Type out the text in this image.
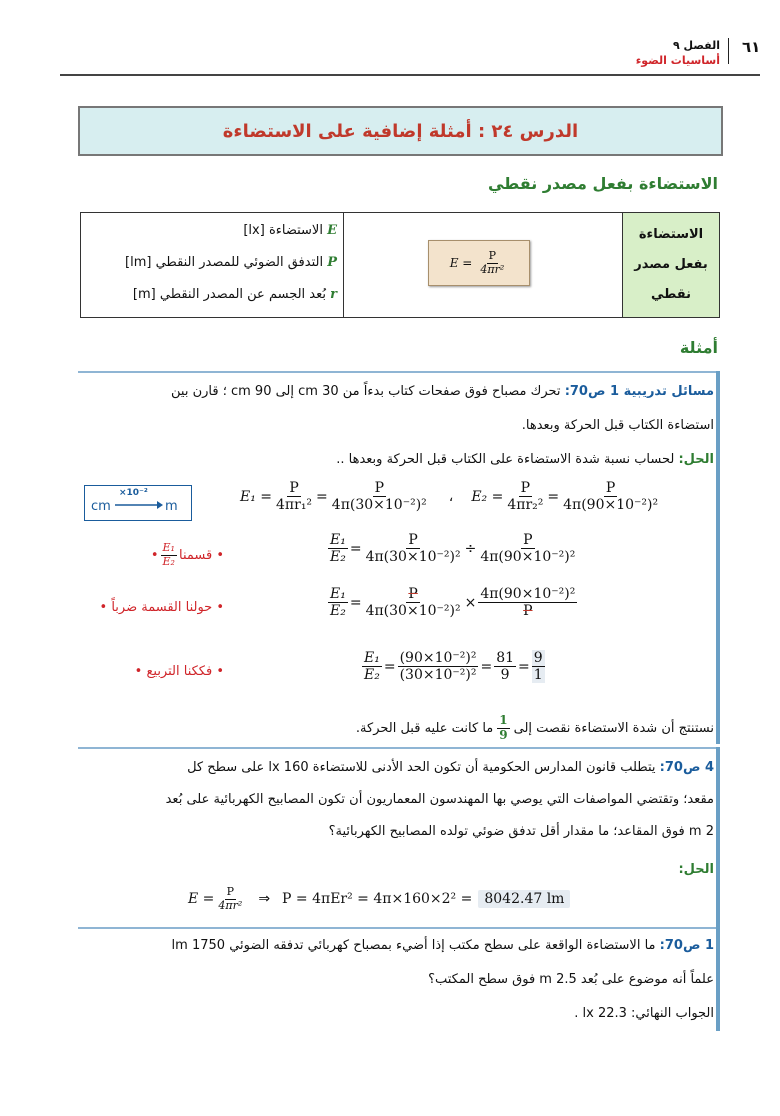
٦١
الفصل ٩
أساسيات الضوء
الدرس ٢٤ : أمثلة إضافية على الاستضاءة
الاستضاءة بفعل مصدر نقطي
الاستضاءة
بفعل مصدر
نقطي
$E = \frac{P}{\text{4πr²}}$
E الاستضاءة [lx]
P التدفق الضوئي للمصدر النقطي [lm]
r بُعد الجسم عن المصدر النقطي [m]
أمثلة
مسائل تدريبية 1 ص70: تحرك مصباح فوق صفحات كتاب بدءاً من 30 cm إلى 90 cm ؛ قارن بين
استضاءة الكتاب قبل الحركة وبعدها.
الحل: لحساب نسبة شدة الاستضاءة على الكتاب قبل الحركة وبعدها ..
×10⁻²
cm	m
$E_1 = \frac{P}{\text{4πr₁²}} = \frac{P}{\text{4π(30×10⁻²)²}}$ ، $E_2 = \frac{P}{\text{4πr₂²}} = \frac{P}{\text{4π(90×10⁻²)²}}$
$\frac{\text{E₁}}{\text{E₂}} = \frac{P}{\text{4π(30×10⁻²)²}} \div \frac{P}{\text{4π(90×10⁻²)²}}$
$\frac{\text{E₁}}{\text{E₂}} = \frac{P}{\text{4π(30×10⁻²)²}} \times \frac{\text{4π(90×10⁻²)²}}{P}$
$\frac{\text{E₁}}{\text{E₂}} = \frac{\text{(90×10⁻²)²}}{\text{(30×10⁻²)²}} = \frac{81}{9} = \frac{9}{1}$
• قسمنا
$\frac{\text{E₁}}{\text{E₂}}$
•
• حولنا القسمة ضرباً •
• فككنا التربيع •
نستنتج أن شدة الاستضاءة نقصت إلى
$\frac{1}{9}$
ما كانت عليه قبل الحركة.
4 ص70: يتطلب قانون المدارس الحكومية أن تكون الحد الأدنى للاستضاءة 160 lx على سطح كل
مقعد؛ وتقتضي المواصفات التي يوصي بها المهندسون المعماريون أن تكون المصابيح الكهربائية على بُعد
2 m فوق المقاعد؛ ما مقدار أقل تدفق ضوئي تولده المصابيح الكهربائية؟
الحل:
$E = \frac{P}{\text{4πr²}}$ ⇒ P = 4πEr² = 4π×160×2² = 8042.47 lm
1 ص70: ما الاستضاءة الواقعة على سطح مكتب إذا أضيء بمصباح كهربائي تدفقه الضوئي 1750 lm
علماً أنه موضوع على بُعد 2.5 m فوق سطح المكتب؟
الجواب النهائي: 22.3 lx .
